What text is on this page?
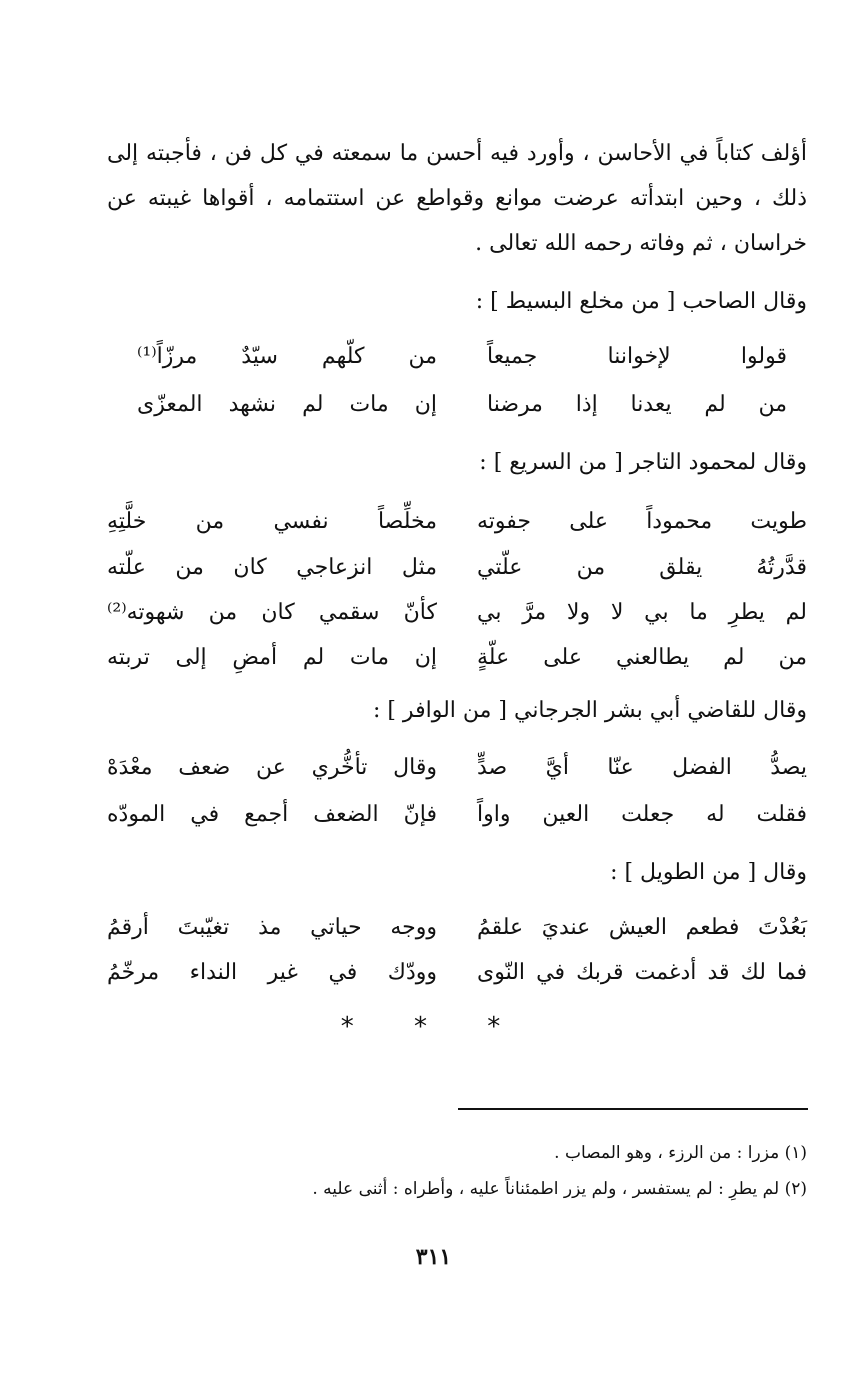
أؤلف كتاباً في الأحاسن ، وأورد فيه أحسن ما سمعته في كل فن ، فأجبته إلى
ذلك ، وحين ابتدأته عرضت موانع وقواطع عن استتمامه ، أقواها غيبته عن
خراسان ، ثم وفاته رحمه الله تعالى .
وقال الصاحب [ من مخلع البسيط ] :
قولوا لإخواننا جميعاً
من كلّهم سيّدٌ مرزّاً⁽¹⁾
من لم يعدنا إذا مرضنا
إن مات لم نشهد المعزّى
وقال لمحمود التاجر [ من السريع ] :
طويت محموداً على جفوته
مخلِّصاً نفسي من خلَّتِهِ
قدَّرتُهُ يقلق من علّتي
مثل انزعاجي كان من علّته
لم يطرِ ما بي لا ولا مرَّ بي
كأنّ سقمي كان من شهوته⁽²⁾
من لم يطالعني على علّةٍ
إن مات لم أمضِ إلى تربته
وقال للقاضي أبي بشر الجرجاني [ من الوافر ] :
يصدُّ الفضل عنّا أيَّ صدٍّ
وقال تأخُّري عن ضعف معْدَهْ
فقلت له جعلت العين واواً
فإنّ الضعف أجمع في المودّه
وقال [ من الطويل ] :
بَعُدْتَ فطعم العيش عنديَ علقمُ
ووجه حياتي مذ تغيّبتَ أرقمُ
فما لك قد أدغمت قربك في النّوى
وودّك في غير النداء مرخّمُ
* * *
(١) مزرا : من الرزء ، وهو المصاب .
(٢) لم يطرِ : لم يستفسر ، ولم يزر اطمئناناً عليه ، وأطراه : أثنى عليه .
٣١١
